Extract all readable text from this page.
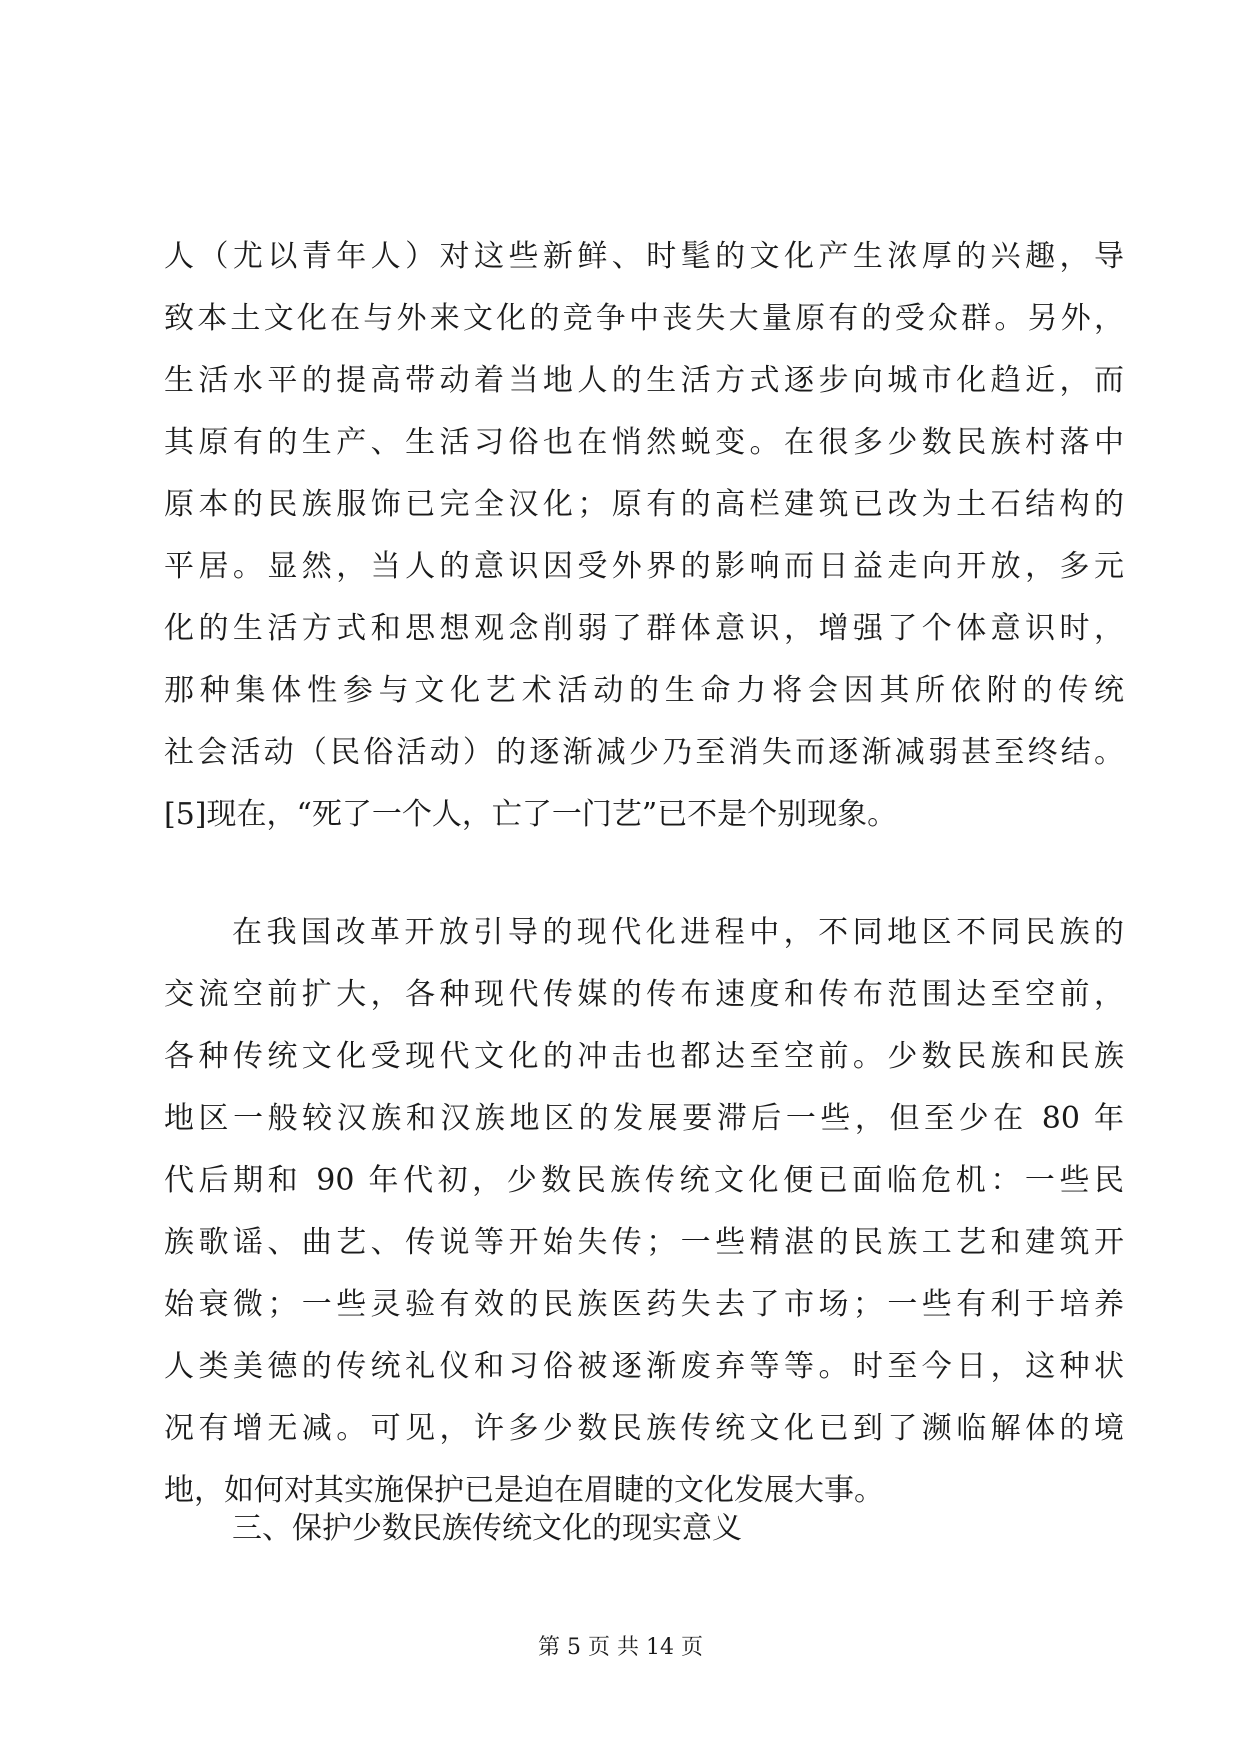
人（尤以青年人）对这些新鲜、时髦的文化产生浓厚的兴趣，导
致本土文化在与外来文化的竞争中丧失大量原有的受众群。另外，
生活水平的提高带动着当地人的生活方式逐步向城市化趋近，而
其原有的生产、生活习俗也在悄然蜕变。在很多少数民族村落中
原本的民族服饰已完全汉化；原有的高栏建筑已改为土石结构的
平居。显然，当人的意识因受外界的影响而日益走向开放，多元
化的生活方式和思想观念削弱了群体意识，增强了个体意识时，
那种集体性参与文化艺术活动的生命力将会因其所依附的传统
社会活动（民俗活动）的逐渐减少乃至消失而逐渐减弱甚至终结。
[5]现在，“死了一个人，亡了一门艺”已不是个别现象。
在我国改革开放引导的现代化进程中，不同地区不同民族的
交流空前扩大，各种现代传媒的传布速度和传布范围达至空前，
各种传统文化受现代文化的冲击也都达至空前。少数民族和民族
地区一般较汉族和汉族地区的发展要滞后一些，但至少在 80 年
代后期和 90 年代初，少数民族传统文化便已面临危机：一些民
族歌谣、曲艺、传说等开始失传；一些精湛的民族工艺和建筑开
始衰微；一些灵验有效的民族医药失去了市场；一些有利于培养
人类美德的传统礼仪和习俗被逐渐废弃等等。时至今日，这种状
况有增无减。可见，许多少数民族传统文化已到了濒临解体的境
地，如何对其实施保护已是迫在眉睫的文化发展大事。
三、保护少数民族传统文化的现实意义
第 5 页 共 14 页
